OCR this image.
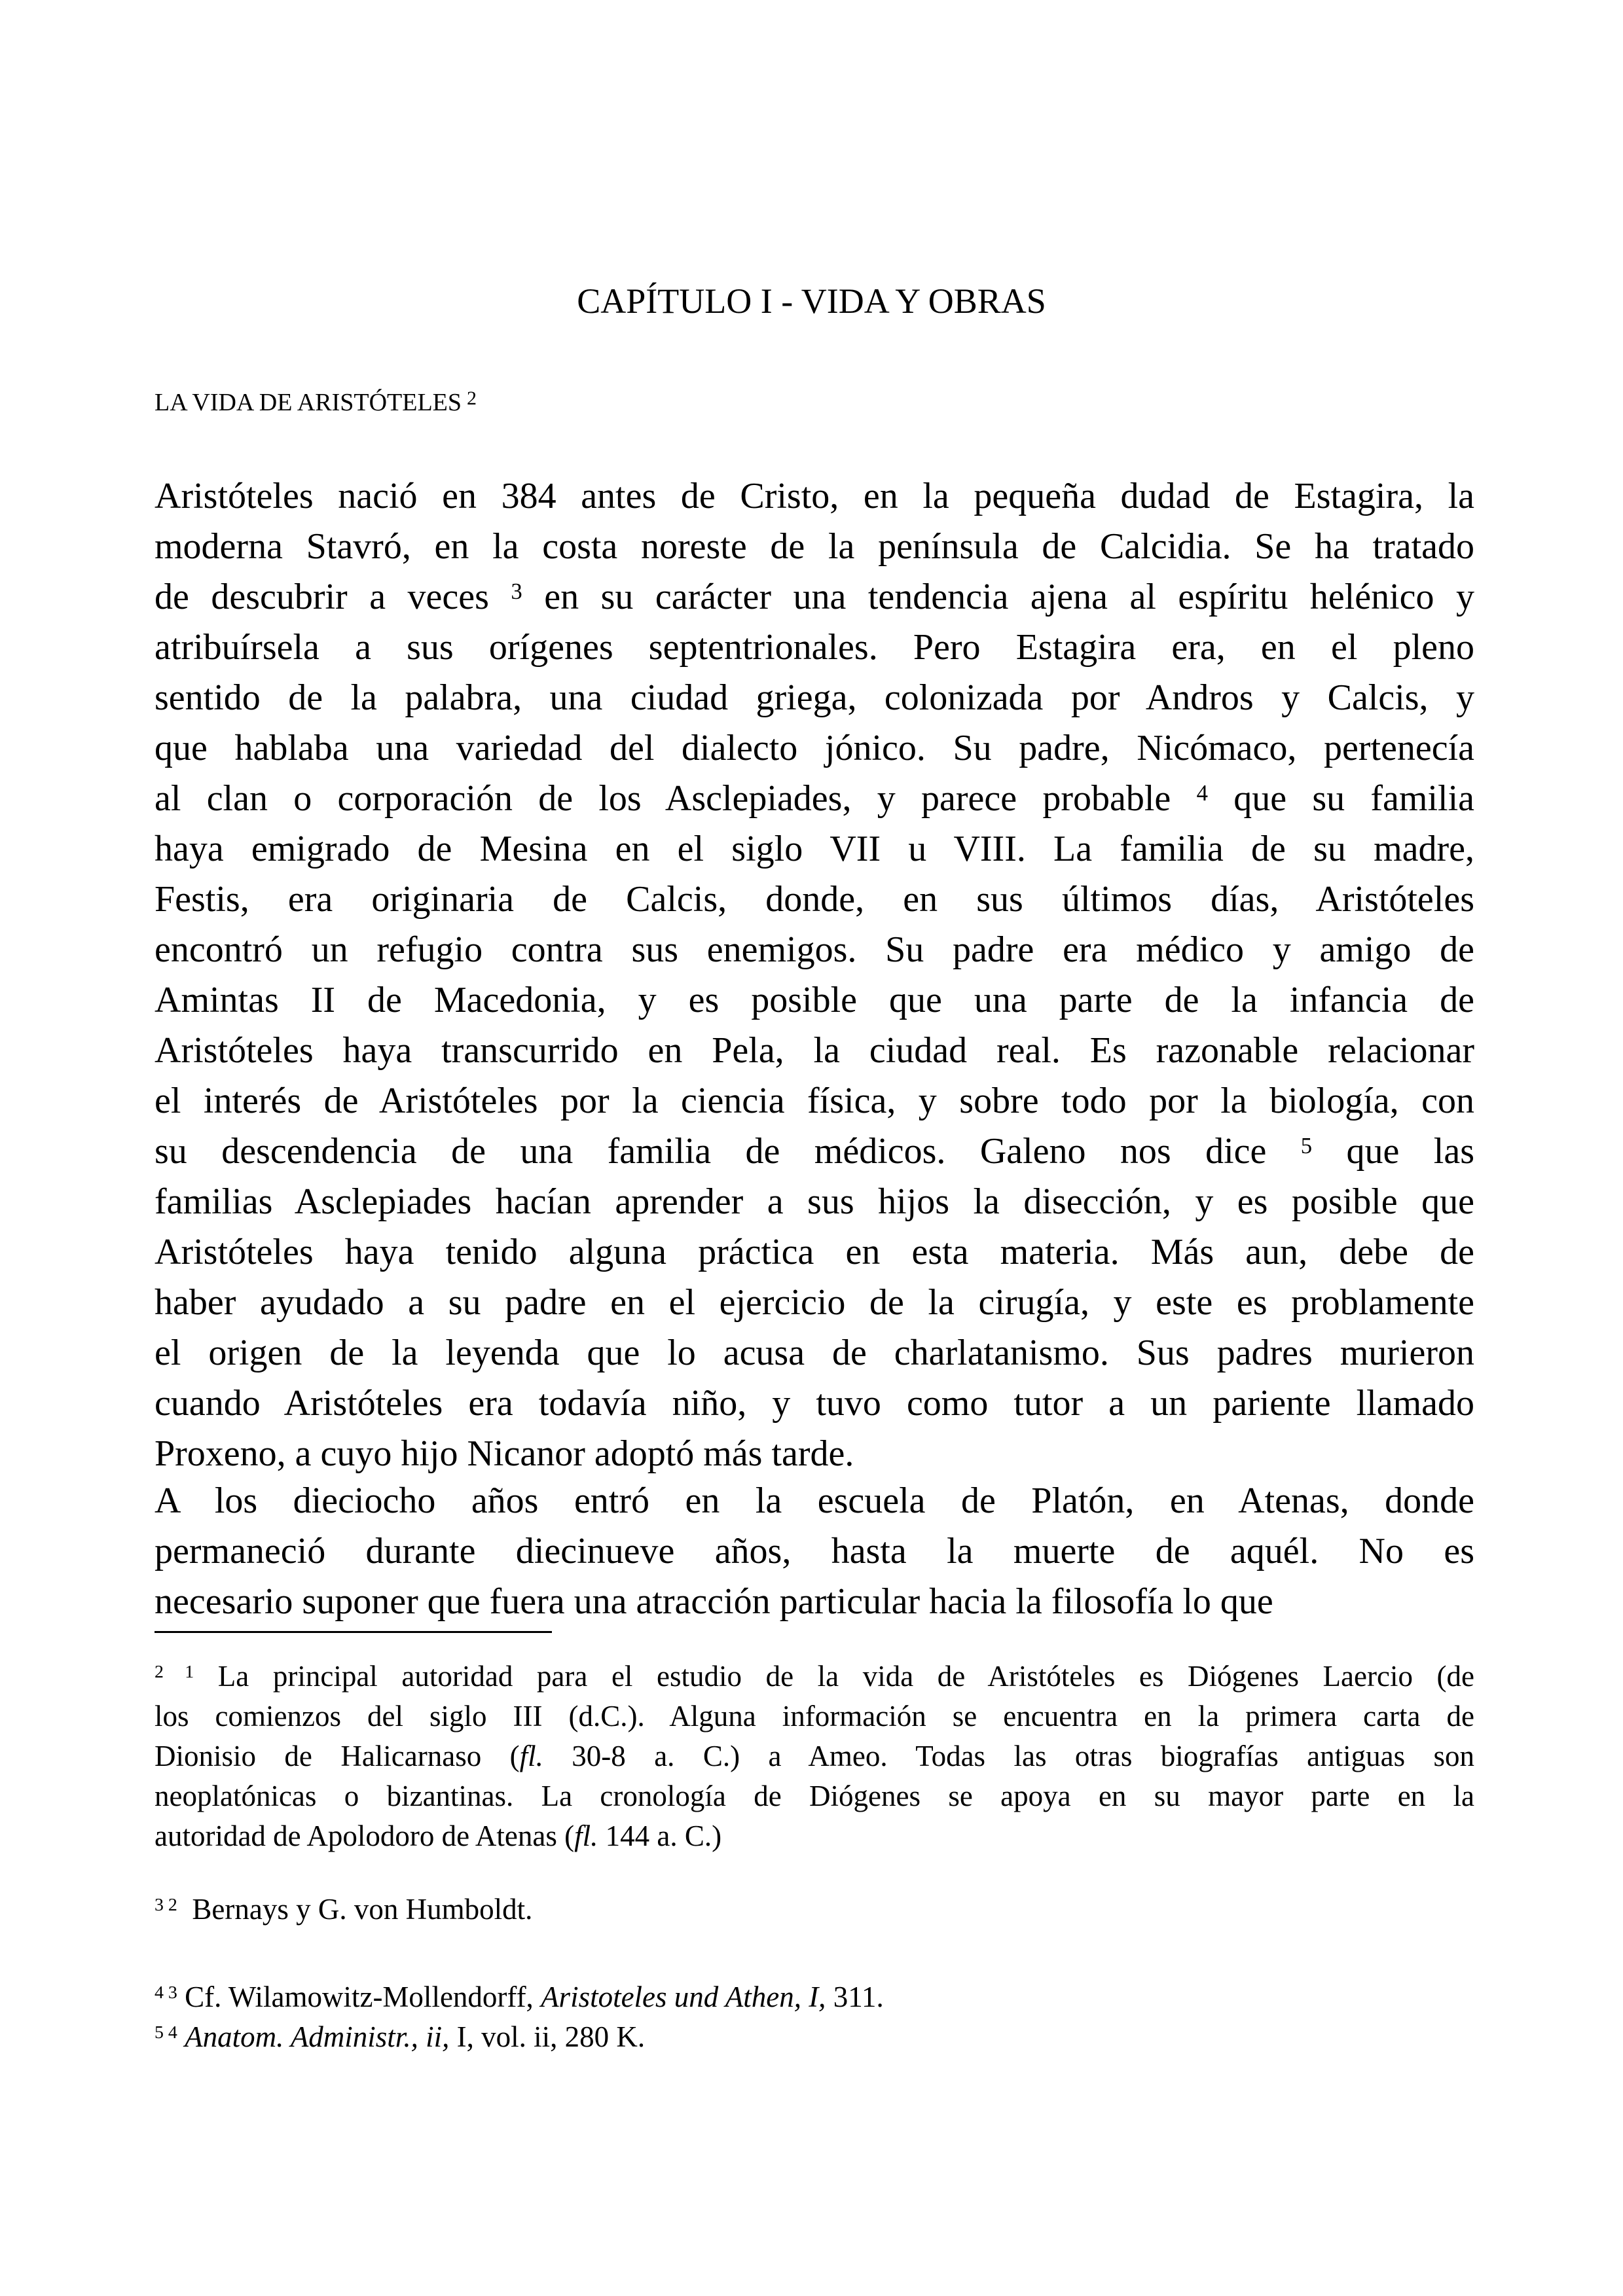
CAPÍTULO I - VIDA Y OBRAS
LA VIDA DE ARISTÓTELES $^2$
Aristóteles nació en 384 antes de Cristo, en la pequeña dudad de Estagira, la
moderna Stavró, en la costa noreste de la península de Calcidia. Se ha tratado
de descubrir a veces $^3$ en su carácter una tendencia ajena al espíritu helénico y
atribuírsela a sus orígenes septentrionales. Pero Estagira era, en el pleno
sentido de la palabra, una ciudad griega, colonizada por Andros y Calcis, y
que hablaba una variedad del dialecto jónico. Su padre, Nicómaco, pertenecía
al clan o corporación de los Asclepiades, y parece probable $^4$ que su familia
haya emigrado de Mesina en el siglo VII u VIII. La familia de su madre,
Festis, era originaria de Calcis, donde, en sus últimos días, Aristóteles
encontró un refugio contra sus enemigos. Su padre era médico y amigo de
Amintas II de Macedonia, y es posible que una parte de la infancia de
Aristóteles haya transcurrido en Pela, la ciudad real. Es razonable relacionar
el interés de Aristóteles por la ciencia física, y sobre todo por la biología, con
su descendencia de una familia de médicos. Galeno nos dice $^5$ que las
familias Asclepiades hacían aprender a sus hijos la disección, y es posible que
Aristóteles haya tenido alguna práctica en esta materia. Más aun, debe de
haber ayudado a su padre en el ejercicio de la cirugía, y este es problamente
el origen de la leyenda que lo acusa de charlatanismo. Sus padres murieron
cuando Aristóteles era todavía niño, y tuvo como tutor a un pariente llamado
Proxeno, a cuyo hijo Nicanor adoptó más tarde.
A los dieciocho años entró en la escuela de Platón, en Atenas, donde
permaneció durante diecinueve años, hasta la muerte de aquél. No es
necesario suponer que fuera una atracción particular hacia la filosofía lo que
$^{2 1}$ La principal autoridad para el estudio de la vida de Aristóteles es Diógenes Laercio (de
los comienzos del siglo III (d.C.). Alguna información se encuentra en la primera carta de
Dionisio de Halicarnaso (fl. 30-8 a. C.) a Ameo. Todas las otras biografías antiguas son
neoplatónicas o bizantinas. La cronología de Diógenes se apoya en su mayor parte en la
autoridad de Apolodoro de Atenas (fl. 144 a. C.)
$^{3 2}$  Bernays y G. von Humboldt.
$^{4 3}$ Cf. Wilamowitz-Mollendorff, Aristoteles und Athen, I, 311.
$^{5 4}$ Anatom. Administr., ii, I, vol. ii, 280 K.
